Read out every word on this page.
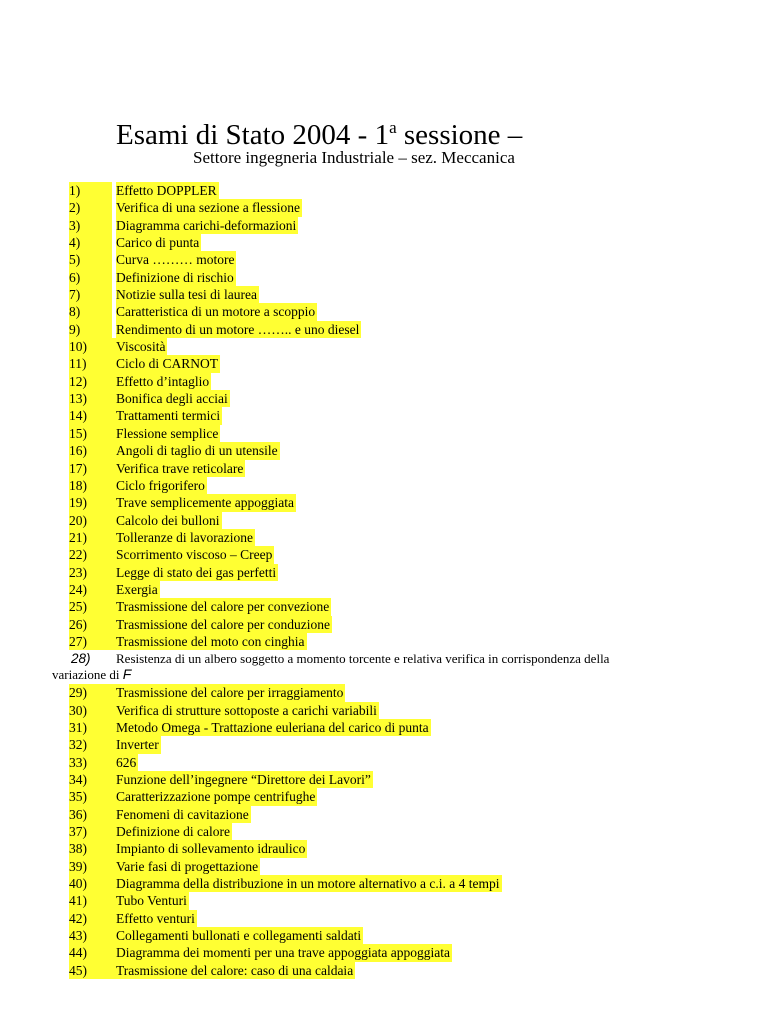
Esami di Stato 2004 - 1$^a$ sessione –
Settore ingegneria Industriale – sez. Meccanica
1)	Effetto DOPPLER
2)	Verifica di una sezione a flessione
3)	Diagramma carichi-deformazioni
4)	Carico di punta
5)	Curva ……… motore
6)	Definizione di rischio
7)	Notizie sulla tesi di laurea
8)	Caratteristica di un motore a scoppio
9)	Rendimento di un motore …….. e uno diesel
10)	Viscosità
11)	Ciclo di CARNOT
12)	Effetto d’intaglio
13)	Bonifica degli acciai
14)	Trattamenti termici
15)	Flessione semplice
16)	Angoli di taglio di un utensile
17)	Verifica trave reticolare
18)	Ciclo frigorifero
19)	Trave semplicemente appoggiata
20)	Calcolo dei bulloni
21)	Tolleranze di lavorazione
22)	Scorrimento viscoso – Creep
23)	Legge di stato dei gas perfetti
24)	Exergia
25)	Trasmissione del calore per convezione
26)	Trasmissione del calore per conduzione
27)	Trasmissione del moto con cinghia
28)	Resistenza di un albero soggetto a momento torcente e relativa verifica in corrispondenza della
variazione di F
29)	Trasmissione del calore per irraggiamento
30)	Verifica di strutture sottoposte a carichi variabili
31)	Metodo Omega - Trattazione euleriana del carico di punta
32)	Inverter
33)	626
34)	Funzione dell’ingegnere “Direttore dei Lavori”
35)	Caratterizzazione pompe centrifughe
36)	Fenomeni di cavitazione
37)	Definizione di calore
38)	Impianto di sollevamento idraulico
39)	Varie fasi di progettazione
40)	Diagramma della distribuzione in un motore alternativo a c.i. a 4 tempi
41)	Tubo Venturi
42)	Effetto venturi
43)	Collegamenti bullonati e collegamenti saldati
44)	Diagramma dei momenti per una trave appoggiata appoggiata
45)	Trasmissione del calore: caso di una caldaia
